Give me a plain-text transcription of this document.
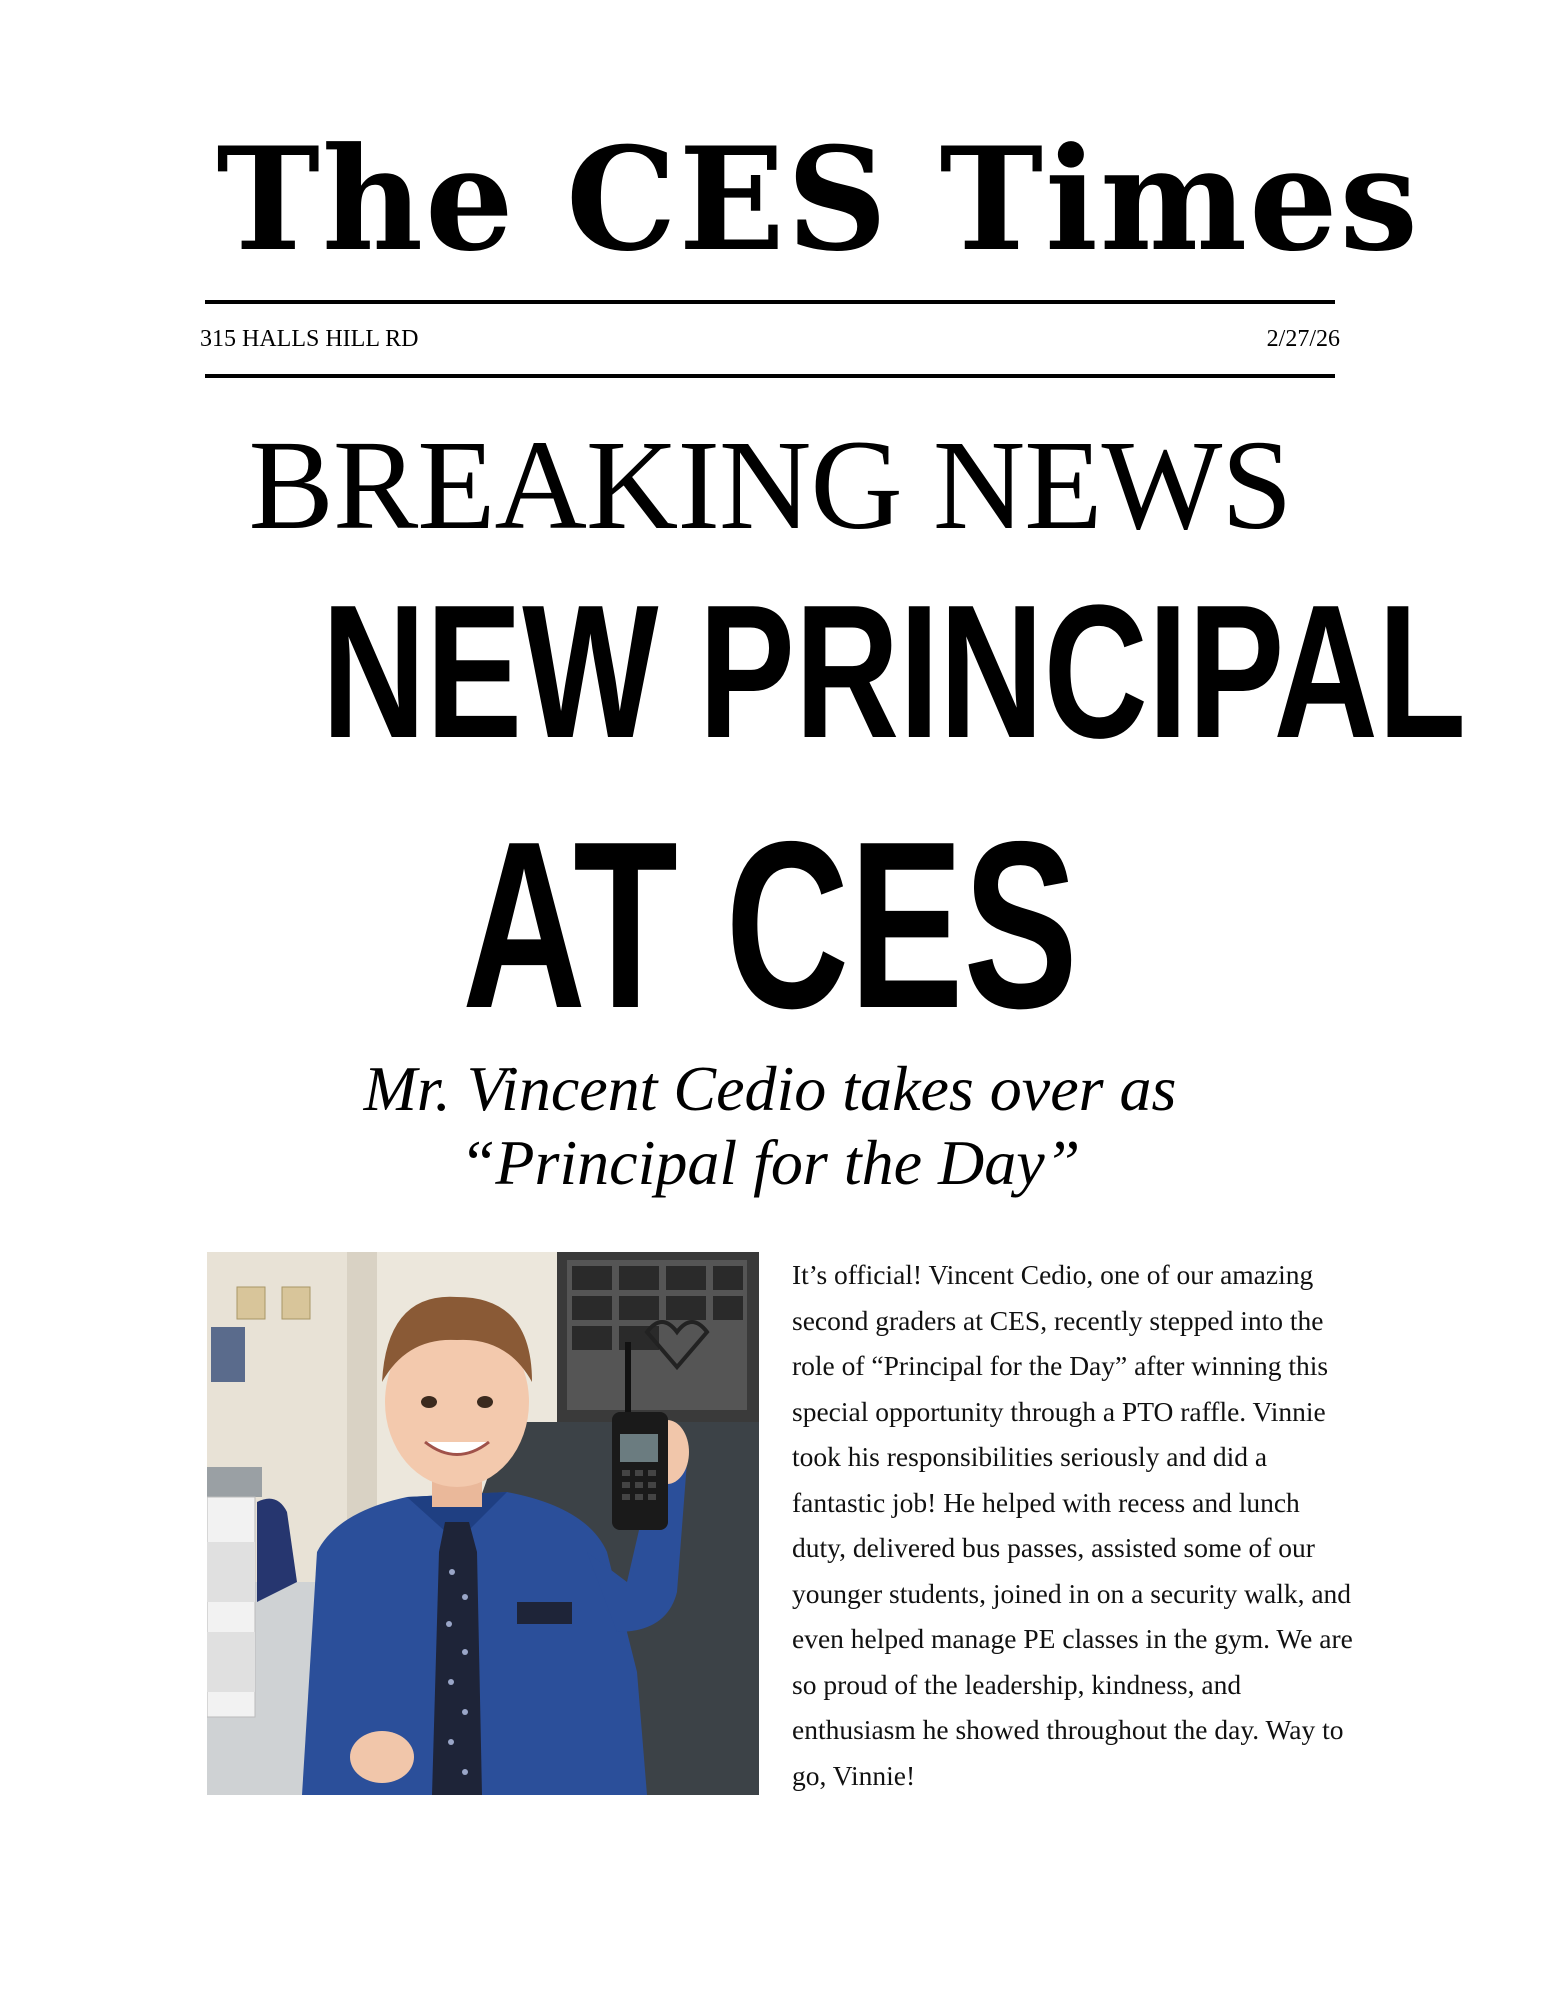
The CES Times
315 HALLS HILL RD	2/27/26
BREAKING NEWS
NEW PRINCIPAL
AT CES
Mr. Vincent Cedio takes over as
“Principal for the Day”
It’s official! Vincent Cedio, one of our amazing
second graders at CES, recently stepped into the
role of “Principal for the Day” after winning this
special opportunity through a PTO raffle. Vinnie
took his responsibilities seriously and did a
fantastic job! He helped with recess and lunch
duty, delivered bus passes, assisted some of our
younger students, joined in on a security walk, and
even helped manage PE classes in the gym. We are
so proud of the leadership, kindness, and
enthusiasm he showed throughout the day. Way to
go, Vinnie!
